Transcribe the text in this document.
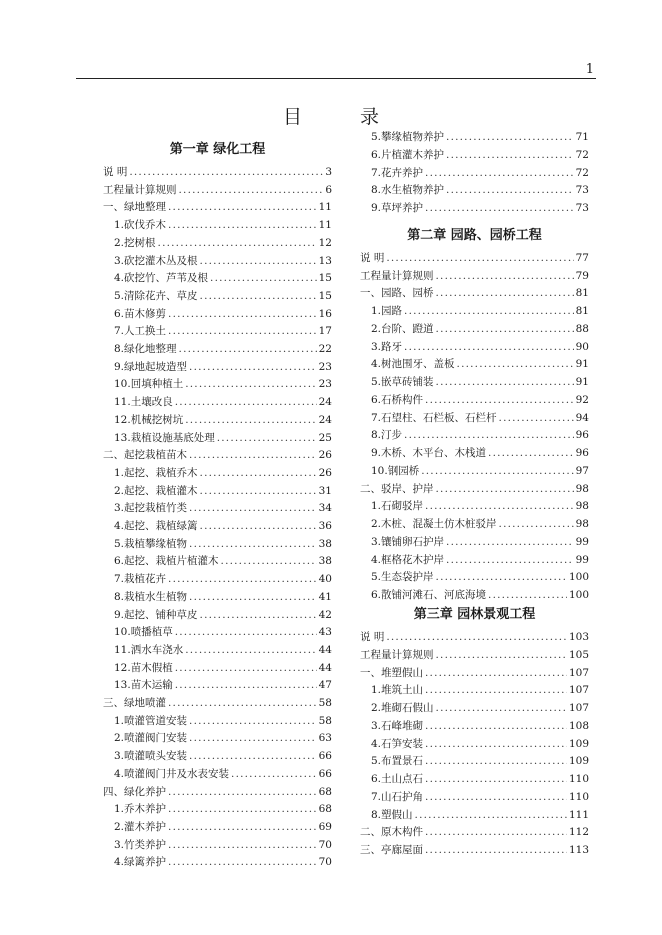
1
目 录
第一章 绿化工程
说 明 .....	3
工程量计算规则 .....	6
一、绿地整理 .....	11
1.砍伐乔木 .....	11
2.挖树根 .....	12
3.砍挖灌木丛及根 .....	13
4.砍挖竹、芦苇及根 .....	15
5.清除花卉、草皮 .....	15
6.苗木修剪 .....	16
7.人工换土 .....	17
8.绿化地整理 .....	22
9.绿地起坡造型 .....	23
10.回填种植土 .....	23
11.土壤改良 .....	24
12.机械挖树坑 .....	24
13.栽植设施基底处理 .....	25
二、起挖栽植苗木 .....	26
1.起挖、栽植乔木 .....	26
2.起挖、栽植灌木 .....	31
3.起挖栽植竹类 .....	34
4.起挖、栽植绿篱 .....	36
5.栽植攀缘植物 .....	38
6.起挖、栽植片植灌木 .....	38
7.栽植花卉 .....	40
8.栽植水生植物 .....	41
9.起挖、铺种草皮 .....	42
10.喷播植草 .....	43
11.洒水车浇水 .....	44
12.苗木假植 .....	44
13.苗木运输 .....	47
三、绿地喷灌 .....	58
1.喷灌管道安装 .....	58
2.喷灌阀门安装 .....	63
3.喷灌喷头安装 .....	66
4.喷灌阀门井及水表安装 .....	66
四、绿化养护 .....	68
1.乔木养护 .....	68
2.灌木养护 .....	69
3.竹类养护 .....	70
4.绿篱养护 .....	70
5.攀缘植物养护 .....	71
6.片植灌木养护 .....	72
7.花卉养护 .....	72
8.水生植物养护 .....	73
9.草坪养护 .....	73
第二章 园路、园桥工程
说 明 .....	77
工程量计算规则 .....	79
一、园路、园桥 .....	81
1.园路 .....	81
2.台阶、蹬道 .....	88
3.路牙 .....	90
4.树池围牙、盖板 .....	91
5.嵌草砖铺装 .....	91
6.石桥构件 .....	92
7.石望柱、石栏板、石栏杆 .....	94
8.汀步 .....	96
9.木桥、木平台、木栈道 .....	96
10.钢园桥 .....	97
二、驳岸、护岸 .....	98
1.石砌驳岸 .....	98
2.木桩、混凝土仿木桩驳岸 .....	98
3.镶铺卵石护岸 .....	99
4.框格花木护岸 .....	99
5.生态袋护岸 .....	100
6.散铺河滩石、河底海境 .....	100
第三章 园林景观工程
说 明 .....	103
工程量计算规则 .....	105
一、堆塑假山 .....	107
1.堆筑土山 .....	107
2.堆砌石假山 .....	107
3.石峰堆砌 .....	108
4.石笋安装 .....	109
5.布置景石 .....	109
6.土山点石 .....	110
7.山石护角 .....	110
8.塑假山 .....	111
二、原木构件 .....	112
三、亭廊屋面 .....	113
